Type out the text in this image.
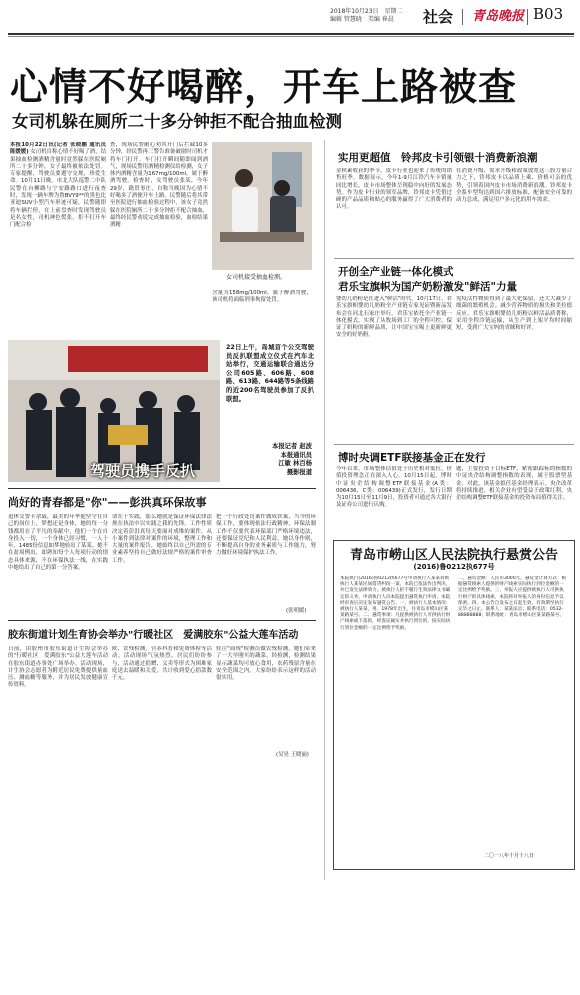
2018年10月23日　星期二
编辑 管慧晓　美编 崔晨	社会 青岛晚报 B03
心情不好喝醉，开车上路被查
女司机躲在厕所二十多分钟拒不配合抽血检测
本报10月22日讯(记者 张晓鹏 通讯员 陈媛媛) 女司机自称心情不好喝了酒，结果抽血检测酒精含量时竟然躲在医院厕所二十多分钟，女子最终被依法处罚。专家提醒，驾驶员要遵守交规，珍爱生命。10月11日晚，市北大队巡警二中队民警在台柳路与宁安路路口进行夜查时，发现一辆车牌为鲁BVY9**的黑色比亚迪SUV小型汽车形迹可疑，民警随即将车辆拦停，在上前盘查时发现驾驶员是名女性，司机神色慌张，拒不打开车门配合检
查，现场民警耐心劝其开门后拦截10多分钟，经民警再三警告准备破窗时司机才将车门打开。车门打开瞬间随即闻到酒气，现场民警用酒精检测仪给检测，女子体内酒精含量为167mg/100ml，属于醉酒驾驶。检查时，女驾驶员张某，今年29岁，籍贯枣庄，自称当晚因为心情不好喝多了酒便开车上路。民警随后将其带至医院进行抽血检验过程中，该女子竟然躲在医院厕所二十多分钟拒不配合抽血，最终经民警劝说完成抽血检验，血检结果酒精
女司机接受抽血检测。
含量为158mg/100ml，属于醉酒驾驶，该司机将面临刑事拘留处罚。
驾驶员携手反扒
22日上午，岛城首个公交驾驶员反扒联盟成立仪式在汽车北站举行，交通运输联合通达分公司605路、606路、608路、613路、644路等5条线路的近200名驾驶员参加了反扒联盟。
本报记者 赵波
本报通讯员
江敏 林百杨
摄影报道
尚好的青春都是"你"——彭洪真环保故事
退休交警卡余载，最美的年华他坚守在自己的岗位上，梦想还是身体，她的每一分钱都用在了平凡的奉献中，他们一个在自身投入一切，一个身体已经习惯，一人十年，1485份信息如梦地验出了某某。她不在盆周例出，却熟知每个人每项行动的情态具体来源，不在环保执法一线，在实践中她给出了自己的第一分答案。
命在于实践，那么她就是保证环保法律法规在执法中以实践之我的先锋。工作性质决定着彭洪真每天要面对成堆的案件，从小案件到法律对案件的环境，整理工作和大量的案件报告，她始终以自己所需的专业素养坚持自己做好法规严格的案件审查工作。
把一个行政处罚案件做成铁案，当今的环保工作，要体现依法行政精神，环保法制工作不仅要代表环保部门严格环境违法，还要保证党纪和人民利益。她以身作则，不断提高自身的业务素质与工作能力，努力做好环境保护执法工作。
(张明媛)
胶东街道计划生育协会举办"行暖社区　爱满胶东"公益大莲车活动
日前，由胶州市胶东街道计生协会举办的"行暖社区　爱满胶东"公益大莲车活动在胶东街道办事处广场举办。活动现场，计生协会志愿者为附近居民免费提供量血压、测血糖等服务，并为居民发放健康宣传资料。
欧、农残检测，营养科普和免费体检等活动。活动现场气氛热烈，居民们纷纷参与，活动通过捐赠、义卖等形式为困难家庭送去温暖和关爱，共计收到爱心捐款数千元。
娃注"面现"检测员做农残检测，她们带来了一大早刚买的蔬菜，经检测，检测结果显示蔬菜均可放心食用，农药残留含量在安全范围之内。大家纷纷表示这样的活动很实用。
(吴昊 王晓丽)
实用更超值　铃邦皮卡引领银十消费新浪潮
金秋素收获的季节，皮卡行业也迎来了传统的销售旺季。数据显示，今年1-9月江铃汽车卡销量同比增长，皮卡市场整体呈现稳中向好的发展态势。作为皮卡行业的领军品牌，铃邦皮卡凭借过硬的产品品质和贴心的服务赢得了广大消费者的认可。
在消费升级、需求升级和政策放宽这三股力量合力之下，铃邦皮卡以品质上乘、价格可亲的优势，引领着国内皮卡市场消费新浪潮。铃邦皮卡全系车型均达到国六排放标准，配备安全可靠的动力总成，满足用户多元化的用车需求。
开创全产业链一体化模式
君乐宝旗帜为国产奶粉激发"鲜活"力量
婴幼儿奶粉是在进入"鲜活"时代。10月17日，君乐宝旗帜婴幼儿奶粉全产业链专家见证暨新品发布会在河北石家庄举行。君乐宝依托全产业链一体化模式，实现了从牧场到工厂的全程可控，保证了奶粉的新鲜品质，让中国宝宝喝上更新鲜更安全的好奶粉。
免疫活性物质得到了最大化保留，还大大减少了细菌的繁殖机会。减少营养物质的损失和美拉德反应。君乐宝旗帜婴幼儿奶粉以鲜活品质著称，采用全程冷链运输，从生产到上架平均时间缩短，受到广大宝妈的青睐和好评。
博时央调ETF联接基金正在发行
今年以来，市场整体估值处于历史相对低位，价值投资理念正在深入人心。10月15日起，博时中证央企结构调整ETF联接基金(A类：006436，C类：006439)正式发行，发行日期为10月15日至11月9日，投资者可通过各大银行及证券公司进行认购。
题，主要投资于目标ETF，紧密跟踪标的指数的中证央企结构调整指数的表现，属于股票型基金。对此，该基金拟任基金经理表示，央企改革将持续推进，相关企业有望受益于政策红利，央企结构调整ETF联接基金的投资布局值得关注。
青岛市崂山区人民法院执行悬赏公告
(2016)鲁0212执677号
本院执行(2016)鲁0212执677号申请执行人某某诉被执行人某某民间借贷纠纷一案，本院已依法作出判决，并已发生法律效力。被执行人拒不履行生效法律文书确定的义务，申请执行人向本院提出悬赏执行申请，本院经审查后决定发布悬赏公告。一、被执行人基本情况：被执行人某某，男，1978年出生，住青岛市崂山区某某路某号。二、悬赏事项：凡提供被执行人可供执行财产线索或下落的，经查证属实并执行到位的，按实际执行到位金额的一定比例给予奖励。
二、悬赏金额：人民币3000元。悬赏金计算方式：根据悬赏线索人提供的财产线索实际执行到位金额的一定比例给予奖励。三、举报人应提供被执行人可供执行财产的具体线索，本院将对举报人的身份信息予以保密。四、本公告自发布之日起生效，有效期至执行完毕之日止。联系人：某某法官；联系电话：0532-88888888；联系地址：青岛市崂山区某某路某号。
二〇一八年十月十八日
